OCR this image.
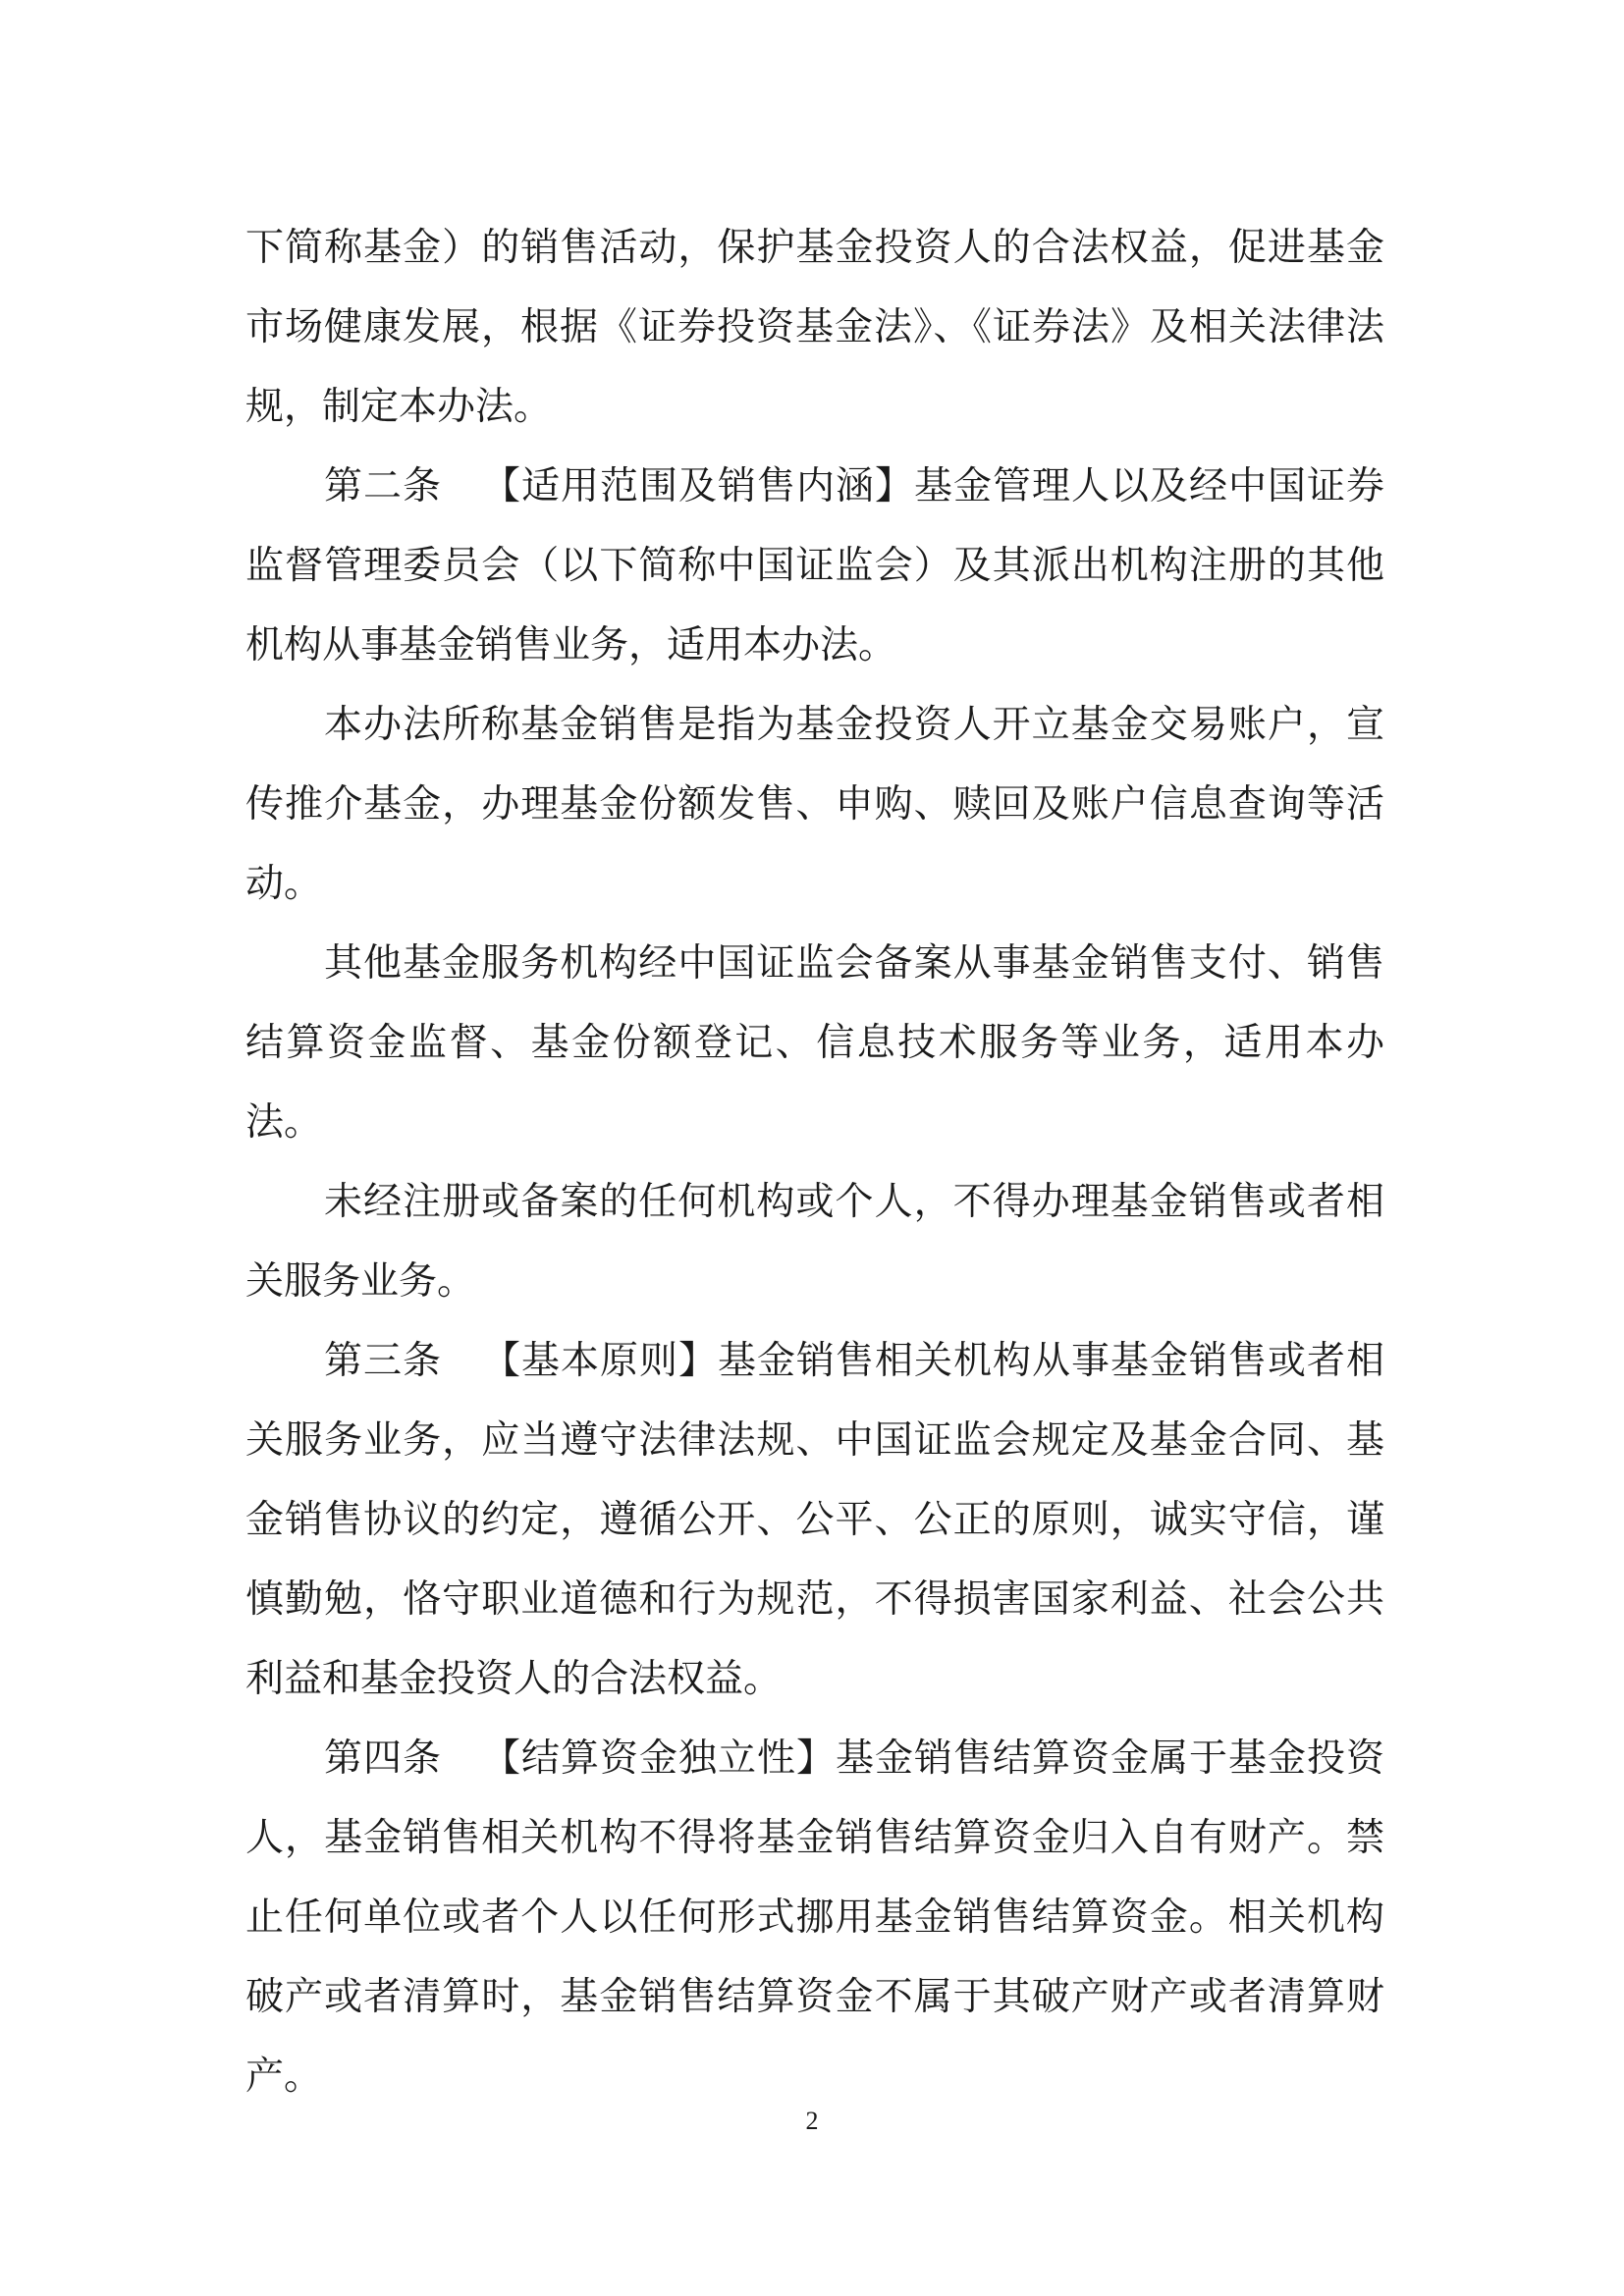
下简称基金）的销售活动，保护基金投资人的合法权益，促进基金市场健康发展，根据《证券投资基金法》、《证券法》及相关法律法规，制定本办法。

第二条 【适用范围及销售内涵】基金管理人以及经中国证券监督管理委员会（以下简称中国证监会）及其派出机构注册的其他机构从事基金销售业务，适用本办法。

本办法所称基金销售是指为基金投资人开立基金交易账户，宣传推介基金，办理基金份额发售、申购、赎回及账户信息查询等活动。

其他基金服务机构经中国证监会备案从事基金销售支付、销售结算资金监督、基金份额登记、信息技术服务等业务，适用本办法。

未经注册或备案的任何机构或个人，不得办理基金销售或者相关服务业务。

第三条 【基本原则】基金销售相关机构从事基金销售或者相关服务业务，应当遵守法律法规、中国证监会规定及基金合同、基金销售协议的约定，遵循公开、公平、公正的原则，诚实守信，谨慎勤勉，恪守职业道德和行为规范，不得损害国家利益、社会公共利益和基金投资人的合法权益。

第四条 【结算资金独立性】基金销售结算资金属于基金投资人，基金销售相关机构不得将基金销售结算资金归入自有财产。禁止任何单位或者个人以任何形式挪用基金销售结算资金。相关机构破产或者清算时，基金销售结算资金不属于其破产财产或者清算财产。

2
